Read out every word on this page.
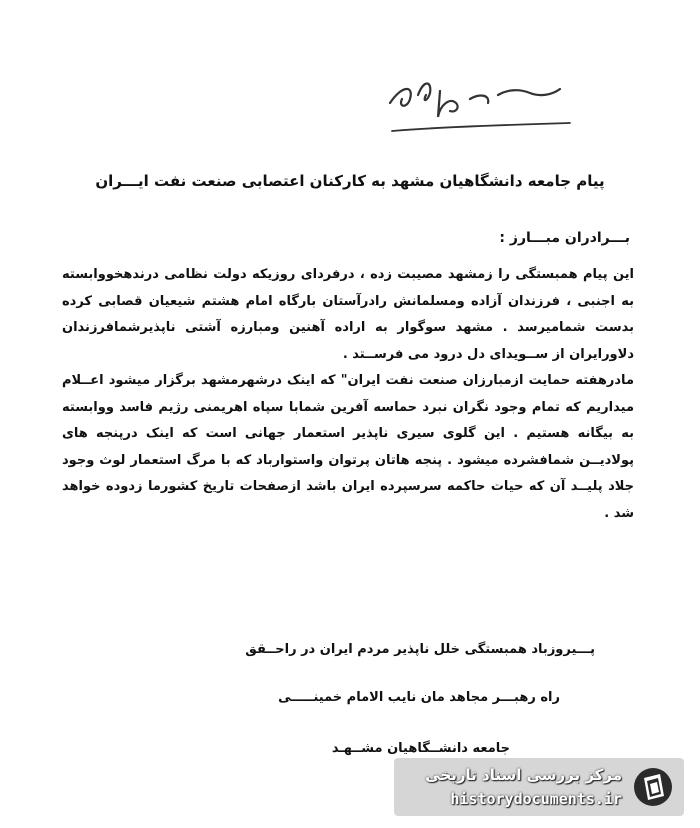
پیام جامعه دانشگاهیان مشهد به کارکنان اعتصابی صنعت نفت ایـــران
بـــرادران مبـــارز :

این پیام همبستگی را زمشهد مصیبت زده ، درفردای روزیکه دولت نظامی درندهخووابسته به اجنبی ، فرزندان آزاده ومسلمانش رادرآستان بارگاه امام هشتم شیعیان قصابی کرده بدست شمامیرسد . مشهد سوگوار به اراده آهنین ومبارزه آشتی ناپذیرشمافرزندان دلاورایران از ســویدای دل درود می فرســتد .

مادرهفته حمایت ازمبارزان صنعت نفت ایران" که اینک درشهرمشهد برگزار میشود اعــلام میداریم که تمام وجود نگران نبرد حماسه آفرین شمابا سپاه اهریمنی رژیم فاسد ووابسته به بیگانه هستیم . این گلوی سیری ناپذیر استعمار جهانی است که اینک درپنجه های پولادیــن شمافشرده میشود . پنجه هاتان پرتوان واستوارباد که با مرگ استعمار لوث وجود جلاد پلیــد آن که حیات حاکمه سرسپرده ایران باشد ازصفحات تاریخ کشورما زدوده خواهد شد .

پـــیروزباد همبستگی خلل ناپذیر مردم ایران در راحــقق
راه رهبـــر مجاهد مان نایب الامام خمینـــــی
جامعه دانشــگاهیان مشــهـد
مرکز بررسی اسناد تاریخی
historydocuments.ir
